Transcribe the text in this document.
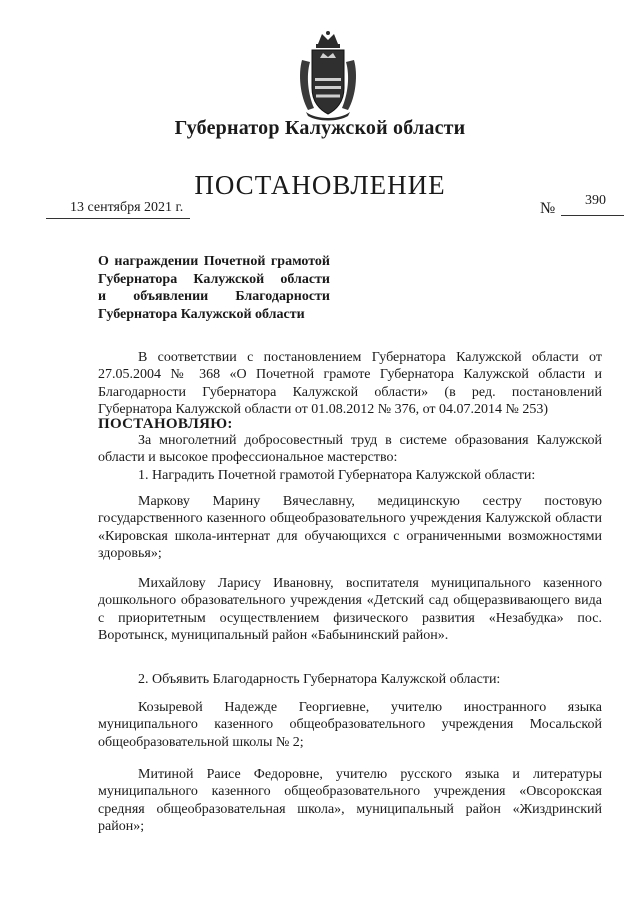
Губернатор Калужской области
ПОСТАНОВЛЕНИЕ
13 сентября 2021 г.	№ 390
О награждении Почетной грамотой
Губернатора Калужской области
и объявлении Благодарности
Губернатора Калужской области
В соответствии с постановлением Губернатора Калужской области от 27.05.2004 № 368 «О Почетной грамоте Губернатора Калужской области и Благодарности Губернатора Калужской области» (в ред. постановлений Губернатора Калужской области от 01.08.2012 № 376, от 04.07.2014 № 253)
ПОСТАНОВЛЯЮ:
За многолетний добросовестный труд в системе образования Калужской области и высокое профессиональное мастерство:
1. Наградить Почетной грамотой Губернатора Калужской области:
Маркову Марину Вячеславну, медицинскую сестру постовую государственного казенного общеобразовательного учреждения Калужской области «Кировская школа-интернат для обучающихся с ограниченными возможностями здоровья»;
Михайлову Ларису Ивановну, воспитателя муниципального казенного дошкольного образовательного учреждения «Детский сад общеразвивающего вида с приоритетным осуществлением физического развития «Незабудка» пос. Воротынск, муниципальный район «Бабынинский район».
2. Объявить Благодарность Губернатора Калужской области:
Козыревой Надежде Георгиевне, учителю иностранного языка муниципального казенного общеобразовательного учреждения Мосальской общеобразовательной школы № 2;
Митиной Раисе Федоровне, учителю русского языка и литературы муниципального казенного общеобразовательного учреждения «Овсорокская средняя общеобразовательная школа», муниципальный район «Жиздринский район»;
